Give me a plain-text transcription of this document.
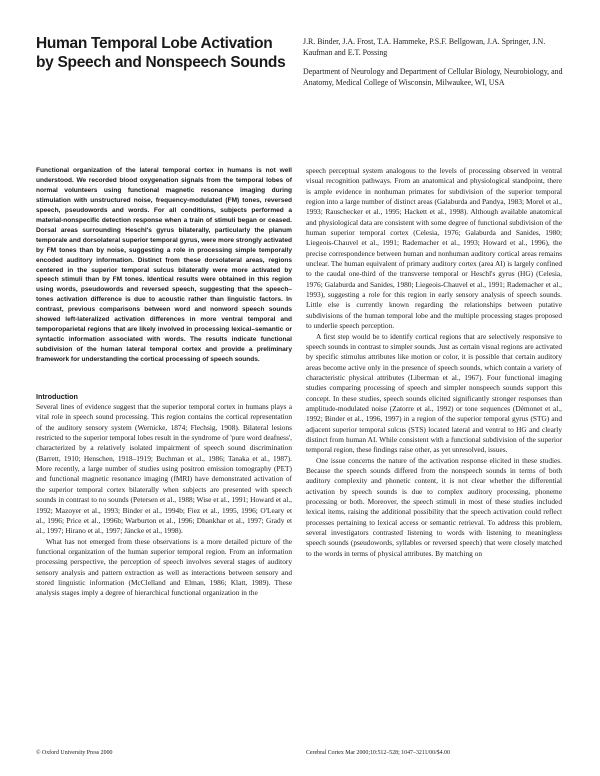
Human Temporal Lobe Activation by Speech and Nonspeech Sounds
J.R. Binder, J.A. Frost, T.A. Hammeke, P.S.F. Bellgowan, J.A. Springer, J.N. Kaufman and E.T. Possing
Department of Neurology and Department of Cellular Biology, Neurobiology, and Anatomy, Medical College of Wisconsin, Milwaukee, WI, USA

Functional organization of the lateral temporal cortex in humans is not well understood. We recorded blood oxygenation signals from the temporal lobes of normal volunteers using functional magnetic resonance imaging during stimulation with unstructured noise, frequency-modulated (FM) tones, reversed speech, pseudowords and words. For all conditions, subjects performed a material-nonspecific detection response when a train of stimuli began or ceased. Dorsal areas surrounding Heschl's gyrus bilaterally, particularly the planum temporale and dorsolateral superior temporal gyrus, were more strongly activated by FM tones than by noise, suggesting a role in processing simple temporally encoded auditory information. Distinct from these dorsolateral areas, regions centered in the superior temporal sulcus bilaterally were more activated by speech stimuli than by FM tones. Identical results were obtained in this region using words, pseudowords and reversed speech, suggesting that the speech–tones activation difference is due to acoustic rather than linguistic factors. In contrast, previous comparisons between word and nonword speech sounds showed left-lateralized activation differences in more ventral temporal and temporoparietal regions that are likely involved in processing lexical–semantic or syntactic information associated with words. The results indicate functional subdivision of the human lateral temporal cortex and provide a preliminary framework for understanding the cortical processing of speech sounds.

Introduction

Several lines of evidence suggest that the superior temporal cortex in humans plays a vital role in speech sound processing. This region contains the cortical representation of the auditory sensory system (Wernicke, 1874; Flechsig, 1908). Bilateral lesions restricted to the superior temporal lobes result in the syndrome of 'pure word deafness', characterized by a relatively isolated impairment of speech sound discrimination (Barrett, 1910; Henschen, 1918–1919; Buchman et al., 1986; Tanaka et al., 1987). More recently, a large number of studies using positron emission tomography (PET) and functional magnetic resonance imaging (fMRI) have demonstrated activation of the superior temporal cortex bilaterally when subjects are presented with speech sounds in contrast to no sounds (Petersen et al., 1988; Wise et al., 1991; Howard et al., 1992; Mazoyer et al., 1993; Binder et al., 1994b; Fiez et al., 1995, 1996; O'Leary et al., 1996; Price et al., 1996b; Warburton et al., 1996; Dhankhar et al., 1997; Grady et al., 1997; Hirano et al., 1997; Jäncke et al., 1998).

What has not emerged from these observations is a more detailed picture of the functional organization of the human superior temporal region. From an information processing perspective, the perception of speech involves several stages of auditory sensory analysis and pattern extraction as well as interactions between sensory and stored linguistic information (McClelland and Elman, 1986; Klatt, 1989). These analysis stages imply a degree of hierarchical functional organization in the

speech perceptual system analogous to the levels of processing observed in ventral visual recognition pathways. From an anatomical and physiological standpoint, there is ample evidence in nonhuman primates for subdivision of the superior temporal region into a large number of distinct areas (Galaburda and Pandya, 1983; Morel et al., 1993; Rauschecker et al., 1995; Hackett et al., 1998). Although available anatomical and physiological data are consistent with some degree of functional subdivision of the human superior temporal cortex (Celesia, 1976; Galaburda and Sanides, 1980; Liegeois-Chauvel et al., 1991; Rademacher et al., 1993; Howard et al., 1996), the precise correspondence between human and nonhuman auditory cortical areas remains unclear. The human equivalent of primary auditory cortex (area AI) is largely confined to the caudal one-third of the transverse temporal or Heschl's gyrus (HG) (Celesia, 1976; Galaburda and Sanides, 1980; Liegeois-Chauvel et al., 1991; Rademacher et al., 1993), suggesting a role for this region in early sensory analysis of speech sounds. Little else is currently known regarding the relationships between putative subdivisions of the human temporal lobe and the multiple processing stages proposed to underlie speech perception.

A first step would be to identify cortical regions that are selectively responsive to speech sounds in contrast to simpler sounds. Just as certain visual regions are activated by specific stimulus attributes like motion or color, it is possible that certain auditory areas become active only in the presence of speech sounds, which contain a variety of characteristic physical attributes (Liberman et al., 1967). Four functional imaging studies comparing processing of speech and simpler nonspeech sounds support this concept. In these studies, speech sounds elicited significantly stronger responses than amplitude-modulated noise (Zatorre et al., 1992) or tone sequences (Démonet et al., 1992; Binder et al., 1996, 1997) in a region of the superior temporal gyrus (STG) and adjacent superior temporal sulcus (STS) located lateral and ventral to HG and clearly distinct from human AI. While consistent with a functional subdivision of the superior temporal region, these findings raise other, as yet unresolved, issues.

One issue concerns the nature of the activation response elicited in these studies. Because the speech sounds differed from the nonspeech sounds in terms of both auditory complexity and phonetic content, it is not clear whether the differential activation by speech sounds is due to complex auditory processing, phoneme processing or both. Moreover, the speech stimuli in most of these studies included lexical items, raising the additional possibility that the speech activation could reflect processes pertaining to lexical access or semantic retrieval. To address this problem, several investigators contrasted listening to words with listening to meaningless speech sounds (pseudowords, syllables or reversed speech) that were closely matched to the words in terms of physical attributes. By matching on

© Oxford University Press 2000	Cerebral Cortex Mar 2000;10:512–528; 1047–3211/00/$4.00
